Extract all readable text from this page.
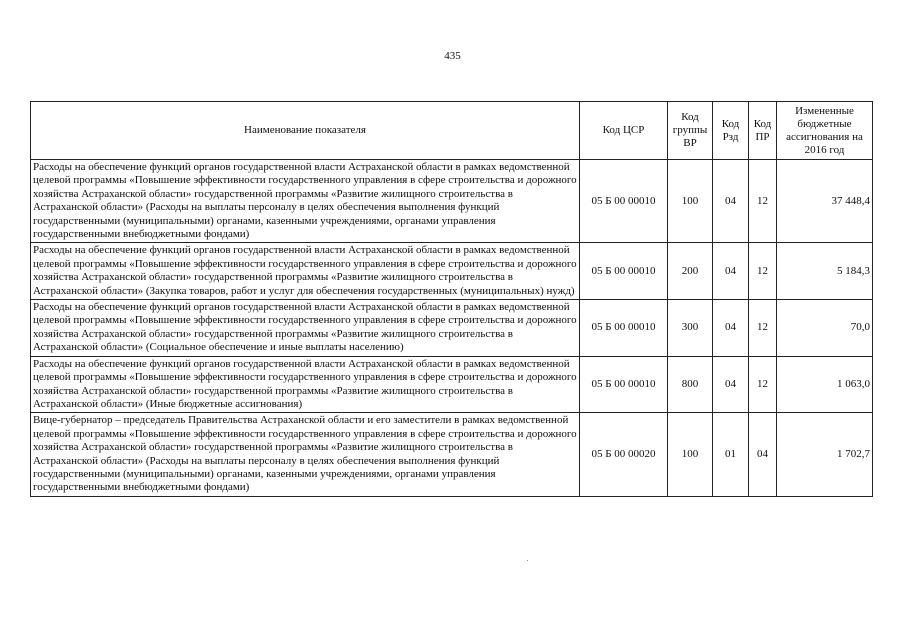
435
Наименование показателя	Код ЦСР	Код группы ВР	Код Рзд	Код ПР	Измененные бюджетные ассигнования на 2016 год
Расходы на обеспечение функций органов государственной власти Астраханской области в рамках ведомственной целевой программы «Повышение эффективности государственного управления в сфере строительства и дорожного хозяйства Астраханской области» государственной программы «Развитие жилищного строительства в Астраханской области» (Расходы на выплаты персоналу в целях обеспечения выполнения функций государственными (муниципальными) органами, казенными учреждениями, органами управления государственными внебюджетными фондами)	05 Б 00 00010	100	04	12	37 448,4
Расходы на обеспечение функций органов государственной власти Астраханской области в рамках ведомственной целевой программы «Повышение эффективности государственного управления в сфере строительства и дорожного хозяйства Астраханской области» государственной программы «Развитие жилищного строительства в Астраханской области» (Закупка товаров, работ и услуг для обеспечения государственных (муниципальных) нужд)	05 Б 00 00010	200	04	12	5 184,3
Расходы на обеспечение функций органов государственной власти Астраханской области в рамках ведомственной целевой программы «Повышение эффективности государственного управления в сфере строительства и дорожного хозяйства Астраханской области» государственной программы «Развитие жилищного строительства в Астраханской области» (Социальное обеспечение и иные выплаты населению)	05 Б 00 00010	300	04	12	70,0
Расходы на обеспечение функций органов государственной власти Астраханской области в рамках ведомственной целевой программы «Повышение эффективности государственного управления в сфере строительства и дорожного хозяйства Астраханской области» государственной программы «Развитие жилищного строительства в Астраханской области» (Иные бюджетные ассигнования)	05 Б 00 00010	800	04	12	1 063,0
Вице-губернатор – председатель Правительства Астраханской области и его заместители в рамках ведомственной целевой программы «Повышение эффективности государственного управления в сфере строительства и дорожного хозяйства Астраханской области» государственной программы «Развитие жилищного строительства в Астраханской области» (Расходы на выплаты персоналу в целях обеспечения выполнения функций государственными (муниципальными) органами, казенными учреждениями, органами управления государственными внебюджетными фондами)	05 Б 00 00020	100	01	04	1 702,7
